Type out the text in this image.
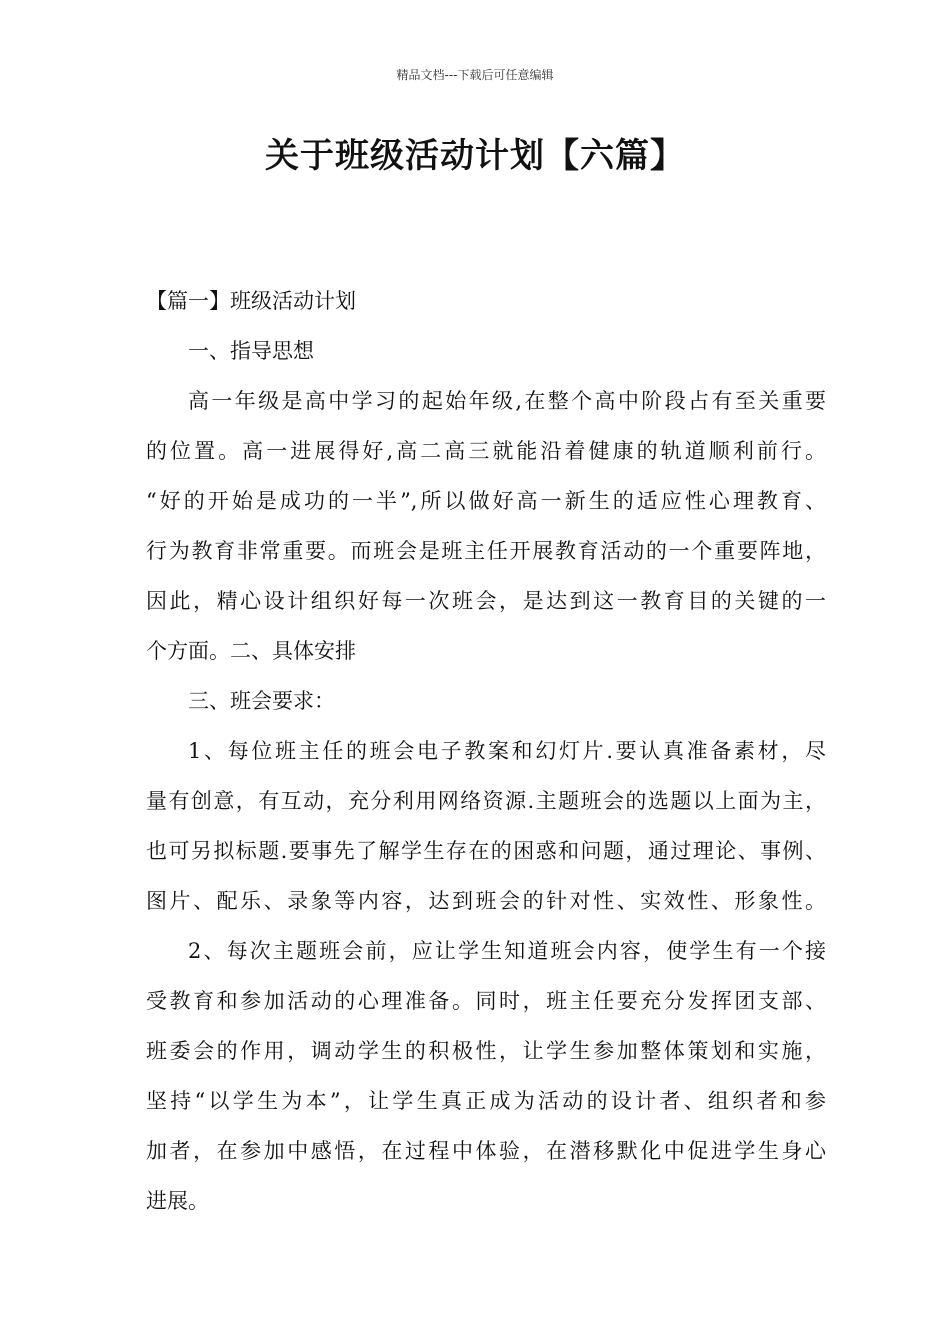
精品文档---下载后可任意编辑
关于班级活动计划【六篇】
【篇一】班级活动计划
一、指导思想
高一年级是高中学习的起始年级,在整个高中阶段占有至关重要
的位置。高一进展得好,高二高三就能沿着健康的轨道顺利前行。
“好的开始是成功的一半”,所以做好高一新生的适应性心理教育、
行为教育非常重要。而班会是班主任开展教育活动的一个重要阵地，
因此，精心设计组织好每一次班会，是达到这一教育目的关键的一
个方面。二、具体安排
三、班会要求：
1、每位班主任的班会电子教案和幻灯片.要认真准备素材，尽
量有创意，有互动，充分利用网络资源.主题班会的选题以上面为主，
也可另拟标题.要事先了解学生存在的困惑和问题，通过理论、事例、
图片、配乐、录象等内容，达到班会的针对性、实效性、形象性。
2、每次主题班会前，应让学生知道班会内容，使学生有一个接
受教育和参加活动的心理准备。同时，班主任要充分发挥团支部、
班委会的作用，调动学生的积极性，让学生参加整体策划和实施，
坚持“以学生为本”，让学生真正成为活动的设计者、组织者和参
加者，在参加中感悟，在过程中体验，在潜移默化中促进学生身心
进展。
